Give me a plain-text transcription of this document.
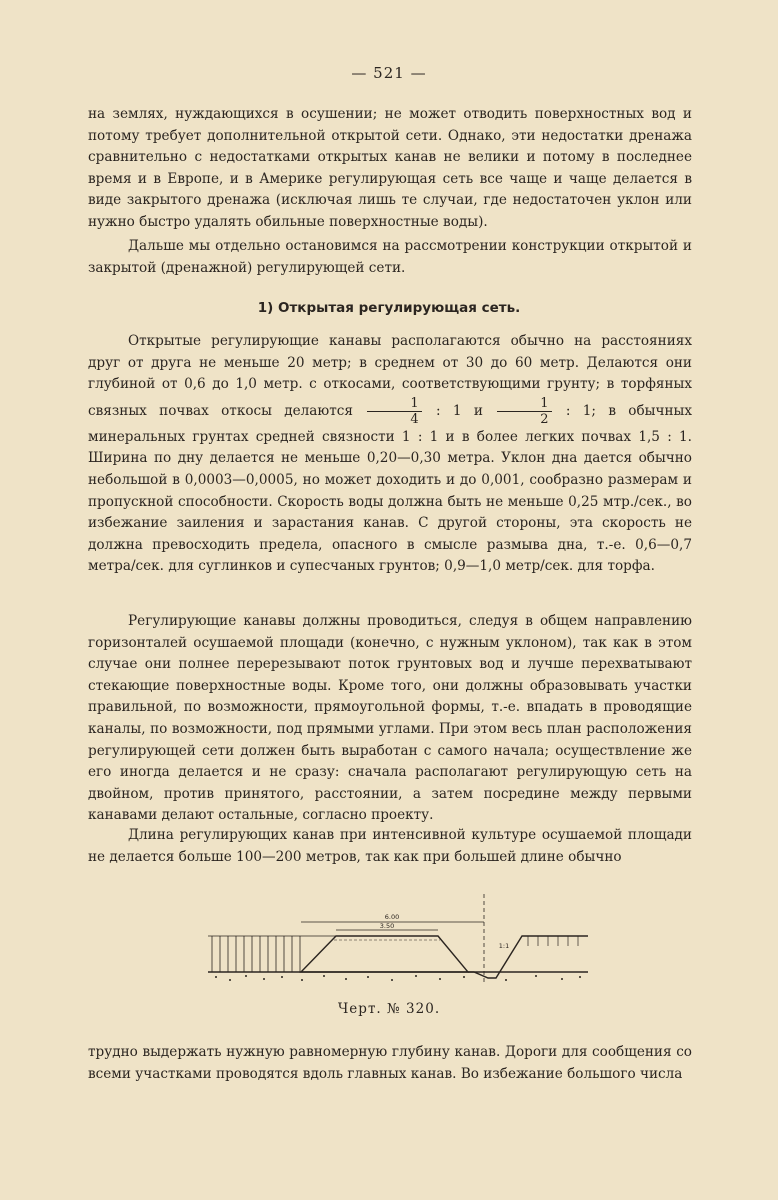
— 521 —

на землях, нуждающихся в осушении; не может отводить поверхностных вод и потому требует дополнительной открытой сети. Однако, эти недостатки дренажа сравнительно с недостатками открытых канав не велики и потому в последнее время и в Европе, и в Америке регулирующая сеть все чаще и чаще делается в виде закрытого дренажа (исключая лишь те случаи, где недостаточен уклон или нужно быстро удалять обильные поверхностные воды).

Дальше мы отдельно остановимся на рассмотрении конструкции открытой и закрытой (дренажной) регулирующей сети.

1) Открытая регулирующая сеть.

Открытые регулирующие канавы располагаются обычно на расстояниях друг от друга не меньше 20 метр; в среднем от 30 до 60 метр. Делаются они глубиной от 0,6 до 1,0 метр. с откосами, соответствующими грунту; в торфяных связных почвах откосы делаются $\frac{1}{4}$ : 1 и $\frac{1}{2}$ : 1; в обычных минеральных грунтах средней связности 1 : 1 и в более легких почвах 1,5 : 1. Ширина по дну делается не меньше 0,20—0,30 метра. Уклон дна дается обычно небольшой в 0,0003—0,0005, но может доходить и до 0,001, сообразно размерам и пропускной способности. Скорость воды должна быть не меньше 0,25 мтр./сек., во избежание заиления и зарастания канав. С другой стороны, эта скорость не должна превосходить предела, опасного в смысле размыва дна, т.-е. 0,6—0,7 метра/сек. для суглинков и супесчаных грунтов; 0,9—1,0 метр/сек. для торфа.

Регулирующие канавы должны проводиться, следуя в общем направлению горизонталей осушаемой площади (конечно, с нужным уклоном), так как в этом случае они полнее перерезывают поток грунтовых вод и лучше перехватывают стекающие поверхностные воды. Кроме того, они должны образовывать участки правильной, по возможности, прямоугольной формы, т.-е. впадать в проводящие каналы, по возможности, под прямыми углами. При этом весь план расположения регулирующей сети должен быть выработан с самого начала; осуществление же его иногда делается и не сразу: сначала располагают регулирующую сеть на двойном, против принятого, расстоянии, а затем посредине между первыми канавами делают остальные, согласно проекту.

Длина регулирующих канав при интенсивной культуре осушаемой площади не делается больше 100—200 метров, так как при большей длине обычно

6.00
3.50
1:1
Черт. № 320.

трудно выдержать нужную равномерную глубину канав. Дороги для сообщения со всеми участками проводятся вдоль главных канав. Во избежание большого числа
